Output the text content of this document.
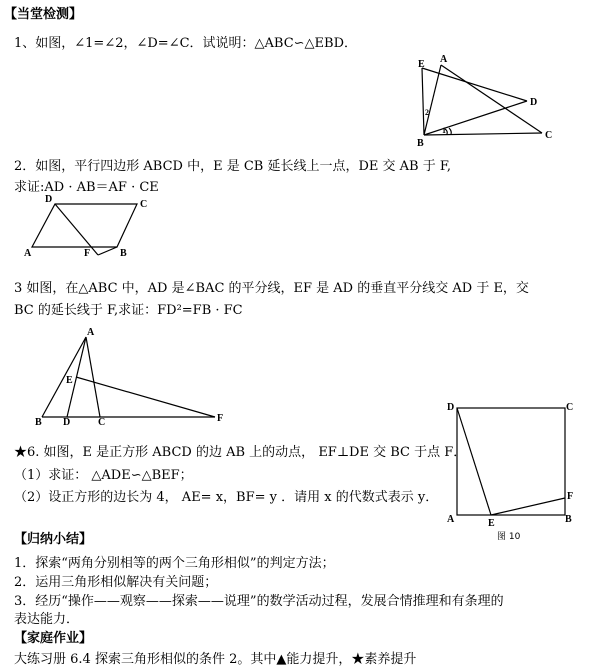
【当堂检测】
1、如图，∠1=∠2，∠D=∠C．试说明：△ABC∽△EBD．
E A
D
B
C
2
1
2．如图，平行四边形 ABCD 中，E 是 CB 延长线上一点，DE 交 AB 于 F,
求证:AD · AB＝AF · CE
D	C
A	F	B
3 如图，在△ABC 中，AD 是∠BAC 的平分线，EF 是 AD 的垂直平分线交 AD 于 E，交
BC 的延长线于 F,求证：FD²=FB · FC
A
E
B D	C	F
★6. 如图，E 是正方形 ABCD 的边 AB 上的动点， EF⊥DE 交 BC 于点 F．
（1）求证： △ADE∽△BEF；
（2）设正方形的边长为 4， AE= x，BF= y ．请用 x 的代数式表示 y．
D	C
F
A	E	B
图 10
【归纳小结】
1．探索“两角分别相等的两个三角形相似”的判定方法；
2．运用三角形相似解决有关问题；
3．经历“操作——观察——探索——说理”的数学活动过程，发展合情推理和有条理的
表达能力．
【家庭作业】
大练习册 6.4 探索三角形相似的条件 2。其中▲能力提升，★素养提升
